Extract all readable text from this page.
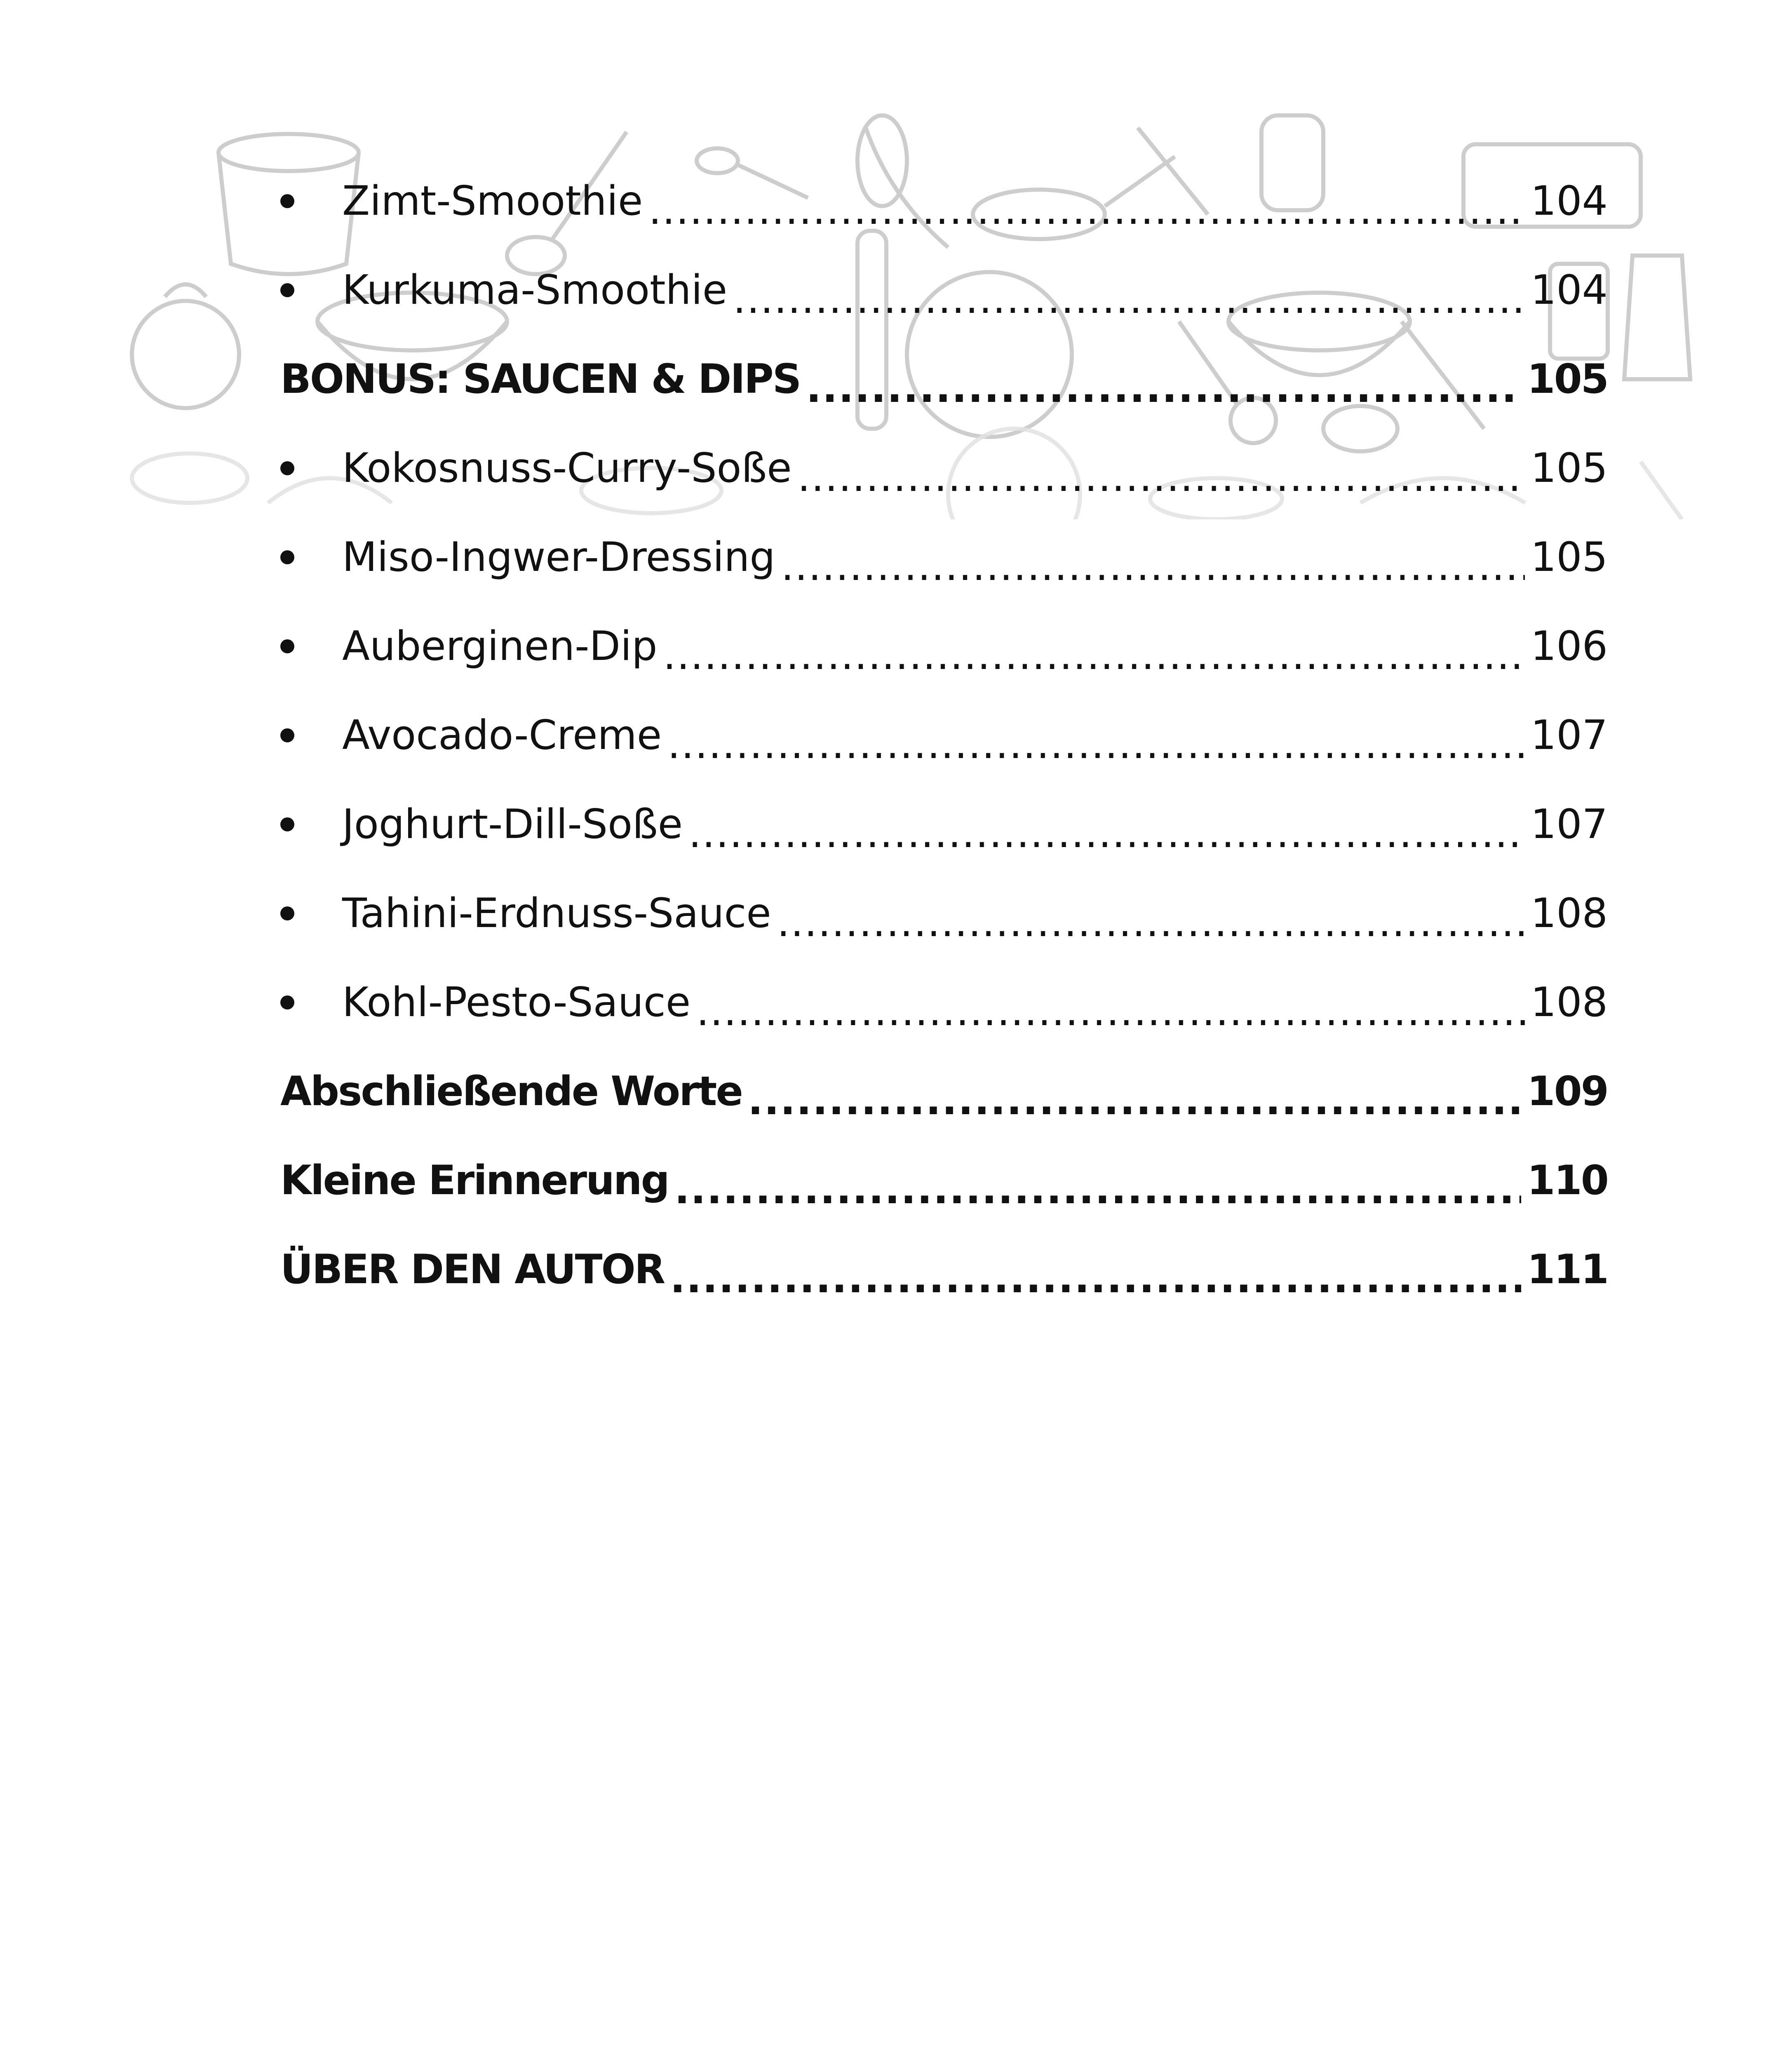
Zimt-Smoothie .....	104
Kurkuma-Smoothie .....	104
BONUS: SAUCEN & DIPS .....	105
Kokosnuss-Curry-Soße .....	105
Miso-Ingwer-Dressing .....	105
Auberginen-Dip .....	106
Avocado-Creme .....	107
Joghurt-Dill-Soße .....	107
Tahini-Erdnuss-Sauce .....	108
Kohl-Pesto-Sauce .....	108
Abschließende Worte .....	109
Kleine Erinnerung .....	110
ÜBER DEN AUTOR .....	111
